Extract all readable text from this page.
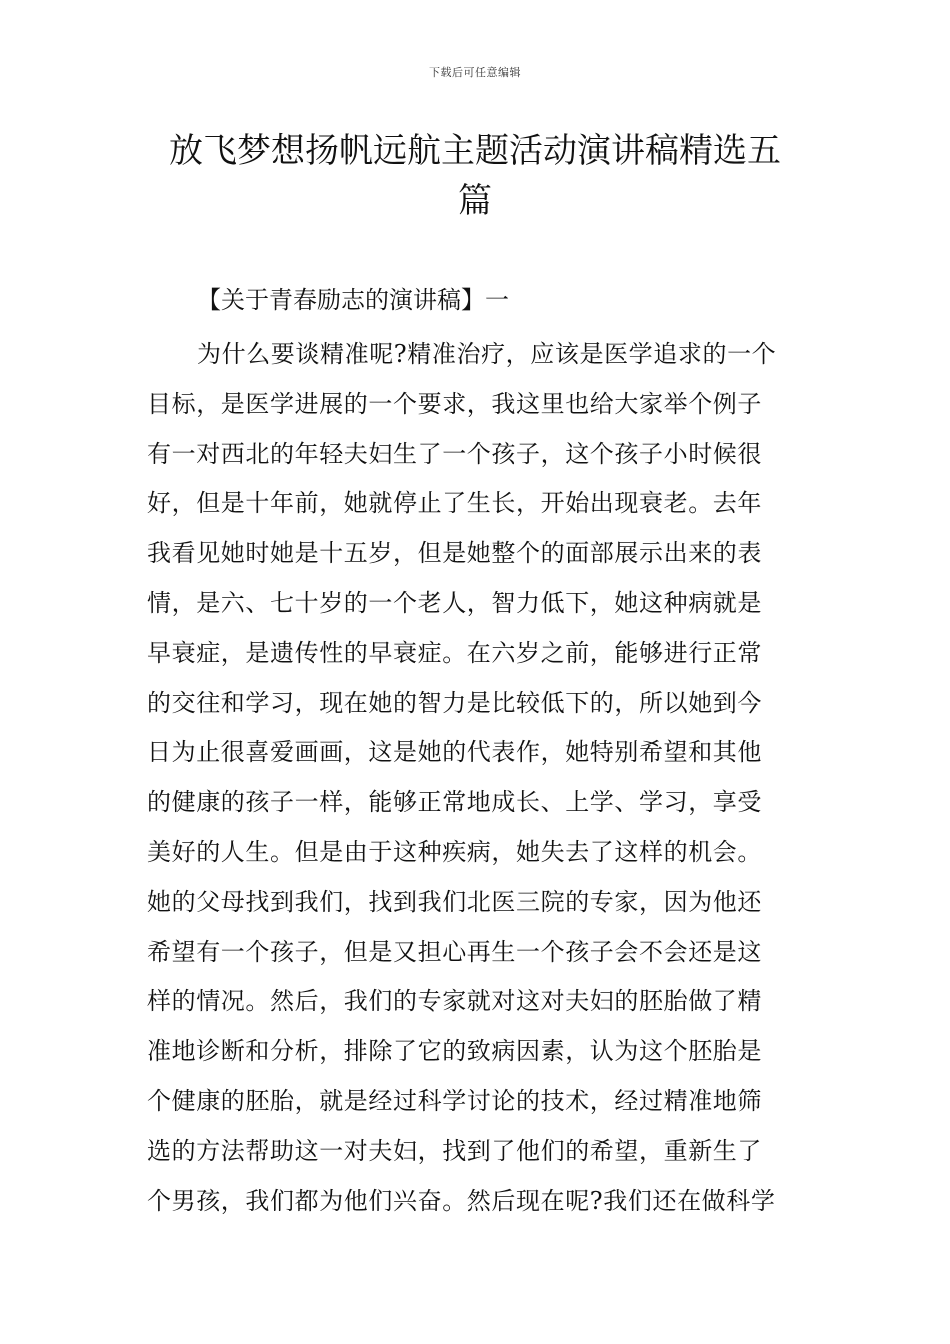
下载后可任意编辑
放飞梦想扬帆远航主题活动演讲稿精选五
篇
【关于青春励志的演讲稿】一
为什么要谈精准呢?精准治疗，应该是医学追求的一个
目标，是医学进展的一个要求，我这里也给大家举个例子
有一对西北的年轻夫妇生了一个孩子，这个孩子小时候很
好，但是十年前，她就停止了生长，开始出现衰老。去年
我看见她时她是十五岁，但是她整个的面部展示出来的表
情，是六、七十岁的一个老人，智力低下，她这种病就是
早衰症，是遗传性的早衰症。在六岁之前，能够进行正常
的交往和学习，现在她的智力是比较低下的，所以她到今
日为止很喜爱画画，这是她的代表作，她特别希望和其他
的健康的孩子一样，能够正常地成长、上学、学习，享受
美好的人生。但是由于这种疾病，她失去了这样的机会。
她的父母找到我们，找到我们北医三院的专家，因为他还
希望有一个孩子，但是又担心再生一个孩子会不会还是这
样的情况。然后，我们的专家就对这对夫妇的胚胎做了精
准地诊断和分析，排除了它的致病因素，认为这个胚胎是
个健康的胚胎，就是经过科学讨论的技术，经过精准地筛
选的方法帮助这一对夫妇，找到了他们的希望，重新生了
个男孩，我们都为他们兴奋。然后现在呢?我们还在做科学
